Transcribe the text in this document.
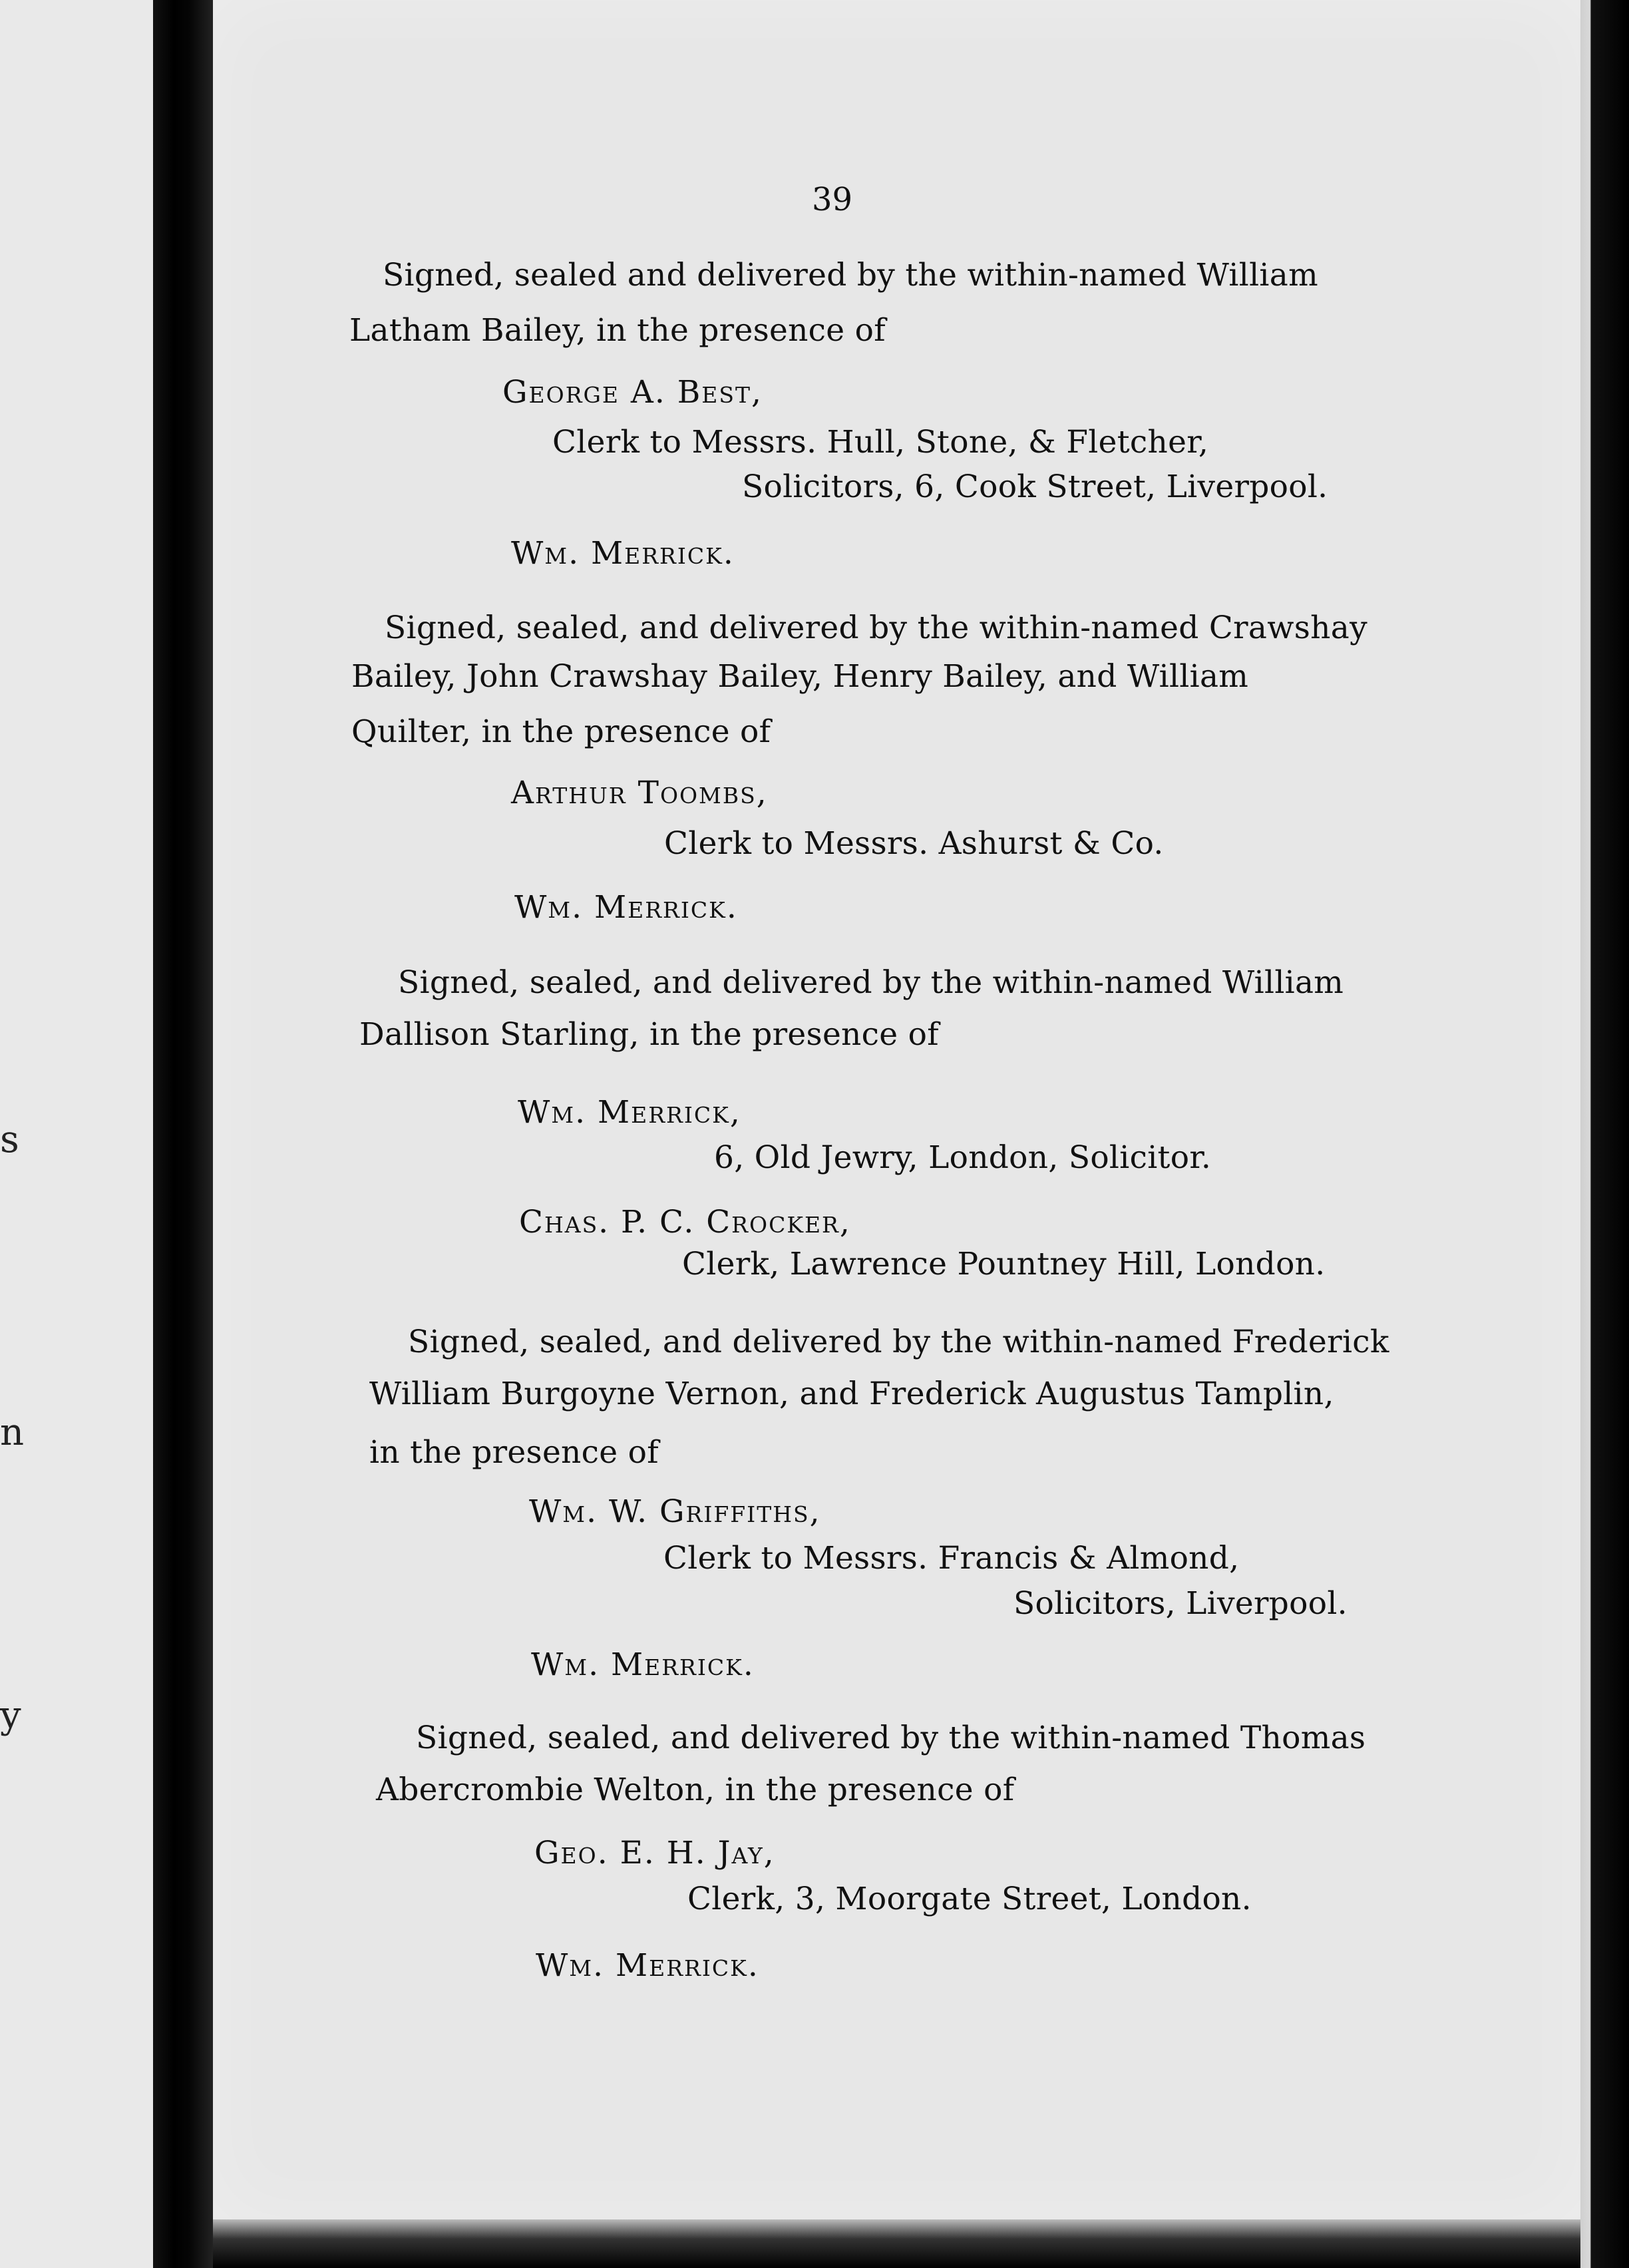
s
n
y
39
Signed, sealed and delivered by the within-named William
Latham Bailey, in the presence of
George A. Best,
Clerk to Messrs. Hull, Stone, & Fletcher,
Solicitors, 6, Cook Street, Liverpool.
Wm. Merrick.
Signed, sealed, and delivered by the within-named Crawshay
Bailey, John Crawshay Bailey, Henry Bailey, and William
Quilter, in the presence of
Arthur Toombs,
Clerk to Messrs. Ashurst & Co.
Wm. Merrick.
Signed, sealed, and delivered by the within-named William
Dallison Starling, in the presence of
Wm. Merrick,
6, Old Jewry, London, Solicitor.
Chas. P. C. Crocker,
Clerk, Lawrence Pountney Hill, London.
Signed, sealed, and delivered by the within-named Frederick
William Burgoyne Vernon, and Frederick Augustus Tamplin,
in the presence of
Wm. W. Griffiths,
Clerk to Messrs. Francis & Almond,
Solicitors, Liverpool.
Wm. Merrick.
Signed, sealed, and delivered by the within-named Thomas
Abercrombie Welton, in the presence of
Geo. E. H. Jay,
Clerk, 3, Moorgate Street, London.
Wm. Merrick.
